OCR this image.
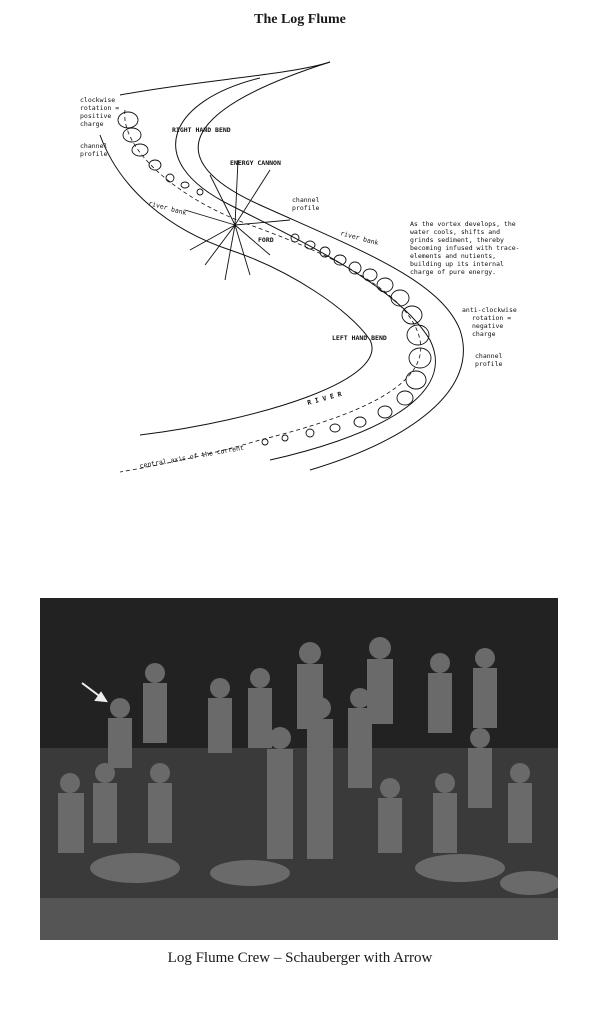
The Log Flume
clockwise
rotation =
positive
charge
channel
profile
RIGHT HAND BEND
ENERGY CANNON
channel
profile
river bank
FORD	river bank
As the vortex develops, the
water cools, shifts and
grinds sediment, thereby
becoming infused with trace-
elements and nutients,
building up its internal
charge of pure energy.
anti-clockwise
rotation =
negative
charge
LEFT HAND BEND
channel
profile
R I V E R
central axis of the current
Log Flume Crew – Schauberger with Arrow
